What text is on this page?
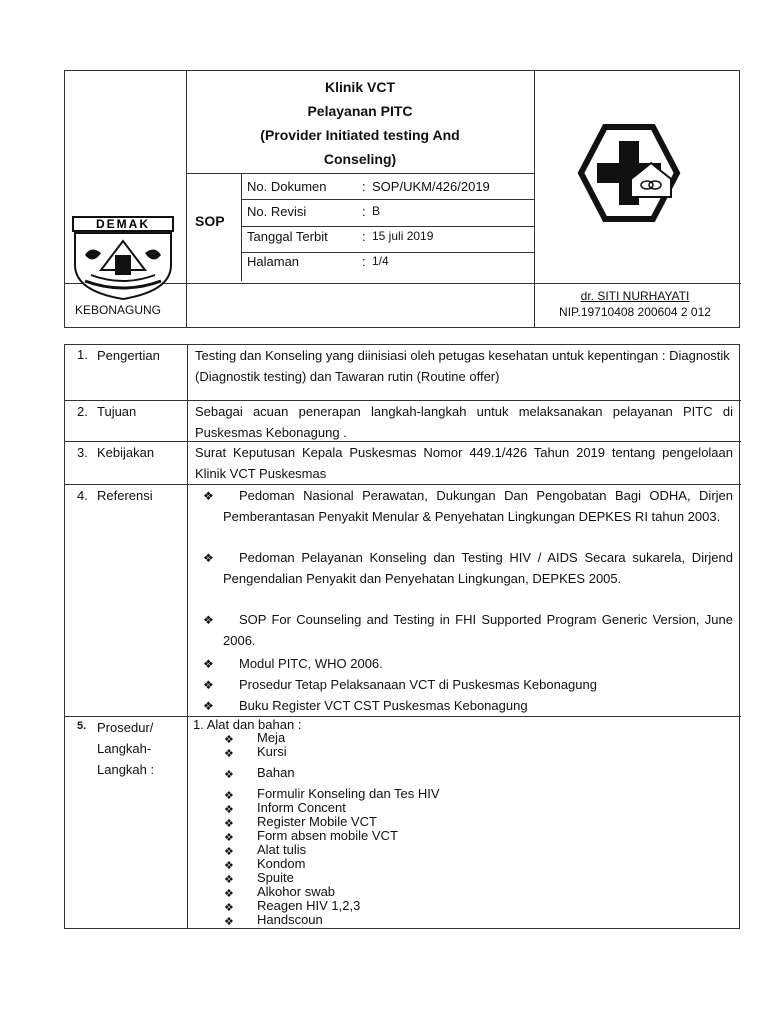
Klinik VCT
Pelayanan PITC
(Provider Initiated testing And
Conseling)
SOP
No. Dokumen	: SOP/UKM/426/2019
No. Revisi	: B
Tanggal Terbit	: 15 juli 2019
Halaman	: 1/4
DEMAK
KEBONAGUNG
dr. SITI NURHAYATI
NIP.19710408 200604 2 012
1. Pengertian	Testing dan Konseling yang diinisiasi oleh petugas kesehatan untuk kepentingan : Diagnostik (Diagnostik testing) dan Tawaran rutin (Routine offer)
2. Tujuan	Sebagai acuan penerapan langkah-langkah untuk melaksanakan pelayanan PITC di Puskesmas Kebonagung .
3. Kebijakan	Surat Keputusan Kepala Puskesmas Nomor 449.1/426 Tahun 2019 tentang pengelolaan Klinik VCT Puskesmas
4. Referensi	❖	Pedoman Nasional Perawatan, Dukungan Dan Pengobatan Bagi ODHA, Dirjen Pemberantasan Penyakit Menular & Penyehatan Lingkungan DEPKES RI tahun 2003.
❖	Pedoman Pelayanan Konseling dan Testing HIV / AIDS Secara sukarela, Dirjend Pengendalian Penyakit dan Penyehatan Lingkungan, DEPKES 2005.
❖	SOP For Counseling and Testing in FHI Supported Program Generic Version, June 2006.
❖ Modul PITC, WHO 2006.
❖ Prosedur Tetap Pelaksanaan VCT di Puskesmas Kebonagung
❖ Buku Register VCT CST Puskesmas Kebonagung
5. Prosedur/ Langkah- Langkah :
1. Alat dan bahan :
❖ Meja
❖ Kursi
❖ Bahan
❖ Formulir Konseling dan Tes HIV
❖ Inform Concent
❖ Register Mobile VCT
❖ Form absen mobile VCT
❖ Alat tulis
❖ Kondom
❖ Spuite
❖ Alkohor swab
❖ Reagen HIV 1,2,3
❖ Handscoun
